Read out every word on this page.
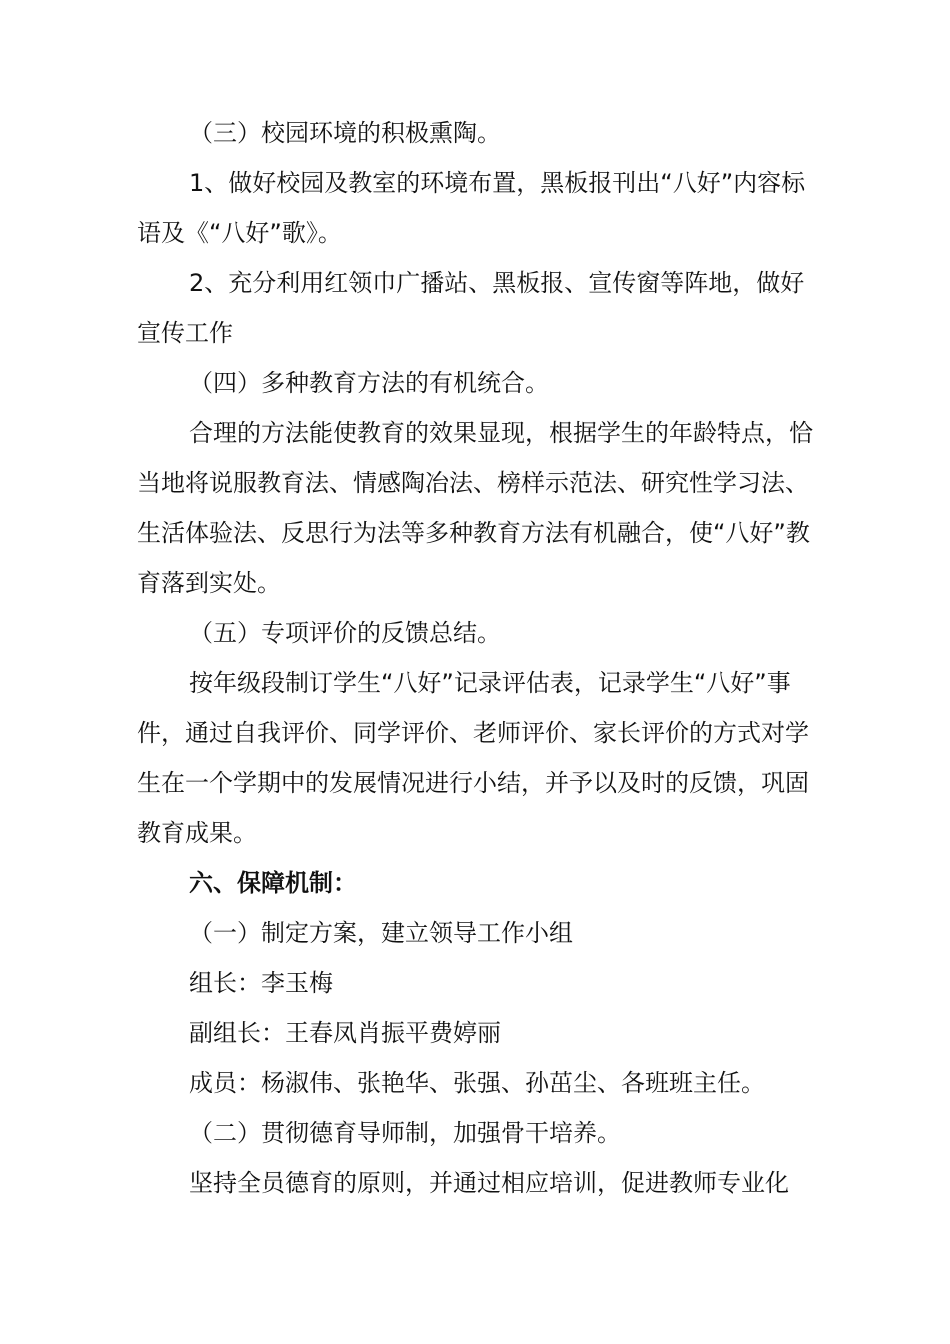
（三）校园环境的积极熏陶。

1、做好校园及教室的环境布置，黑板报刊出“八好”内容标语及《“八好”歌》。

2、充分利用红领巾广播站、黑板报、宣传窗等阵地，做好宣传工作

（四）多种教育方法的有机统合。

合理的方法能使教育的效果显现，根据学生的年龄特点，恰当地将说服教育法、情感陶冶法、榜样示范法、研究性学习法、生活体验法、反思行为法等多种教育方法有机融合，使“八好”教育落到实处。

（五）专项评价的反馈总结。

按年级段制订学生“八好”记录评估表，记录学生“八好”事件，通过自我评价、同学评价、老师评价、家长评价的方式对学生在一个学期中的发展情况进行小结，并予以及时的反馈，巩固教育成果。

六、保障机制：

（一）制定方案，建立领导工作小组

组长：李玉梅

副组长：王春凤肖振平费婷丽

成员：杨淑伟、张艳华、张强、孙茁尘、各班班主任。

（二）贯彻德育导师制，加强骨干培养。

坚持全员德育的原则，并通过相应培训，促进教师专业化
